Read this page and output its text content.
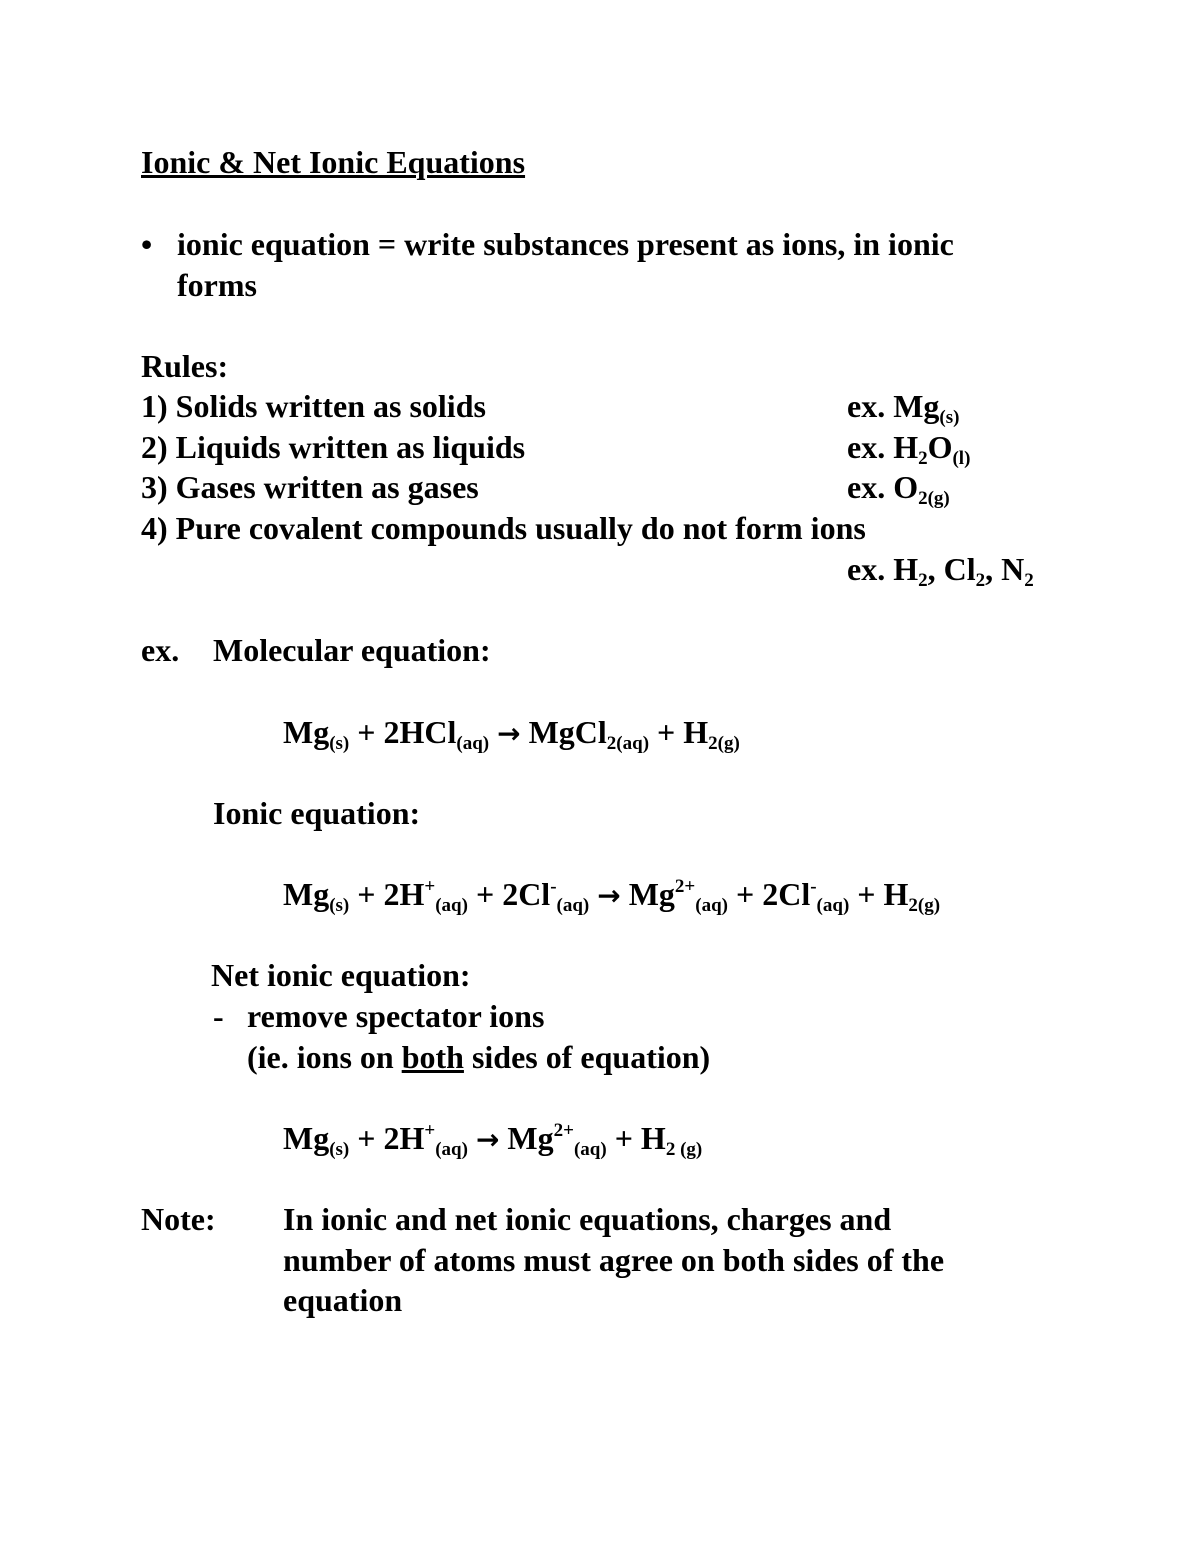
Ionic & Net Ionic Equations
• ionic equation = write substances present as ions, in ionic
forms
Rules:
1) Solids written as solids	ex. $Mg_{(s)}$
2) Liquids written as liquids	ex. $H_2O_{(l)}$
3) Gases written as gases	ex. $O_{2(g)}$
4) Pure covalent compounds usually do not form ions
ex. $H_2$, $Cl_2$, $N_2$
ex. Molecular equation:
$Mg_{(s)} + 2HCl_{(aq)}$ → MgCl$_{2(aq)}$ + $H_{2(g)}$
Ionic equation:
$Mg_{(s)} + 2H^+_{(aq)} + 2Cl^-_{(aq)} \to Mg^{2+}_{(aq)} + 2Cl^-_{(aq)} + H_{2(g)}$
Net ionic equation:
- remove spectator ions
(ie. ions on both sides of equation)
$Mg_{(s)} + 2H^+_{(aq)} \to Mg^{2+}_{(aq)} + H_{2 (g)}$
Note: In ionic and net ionic equations, charges and
number of atoms must agree on both sides of the
equation
